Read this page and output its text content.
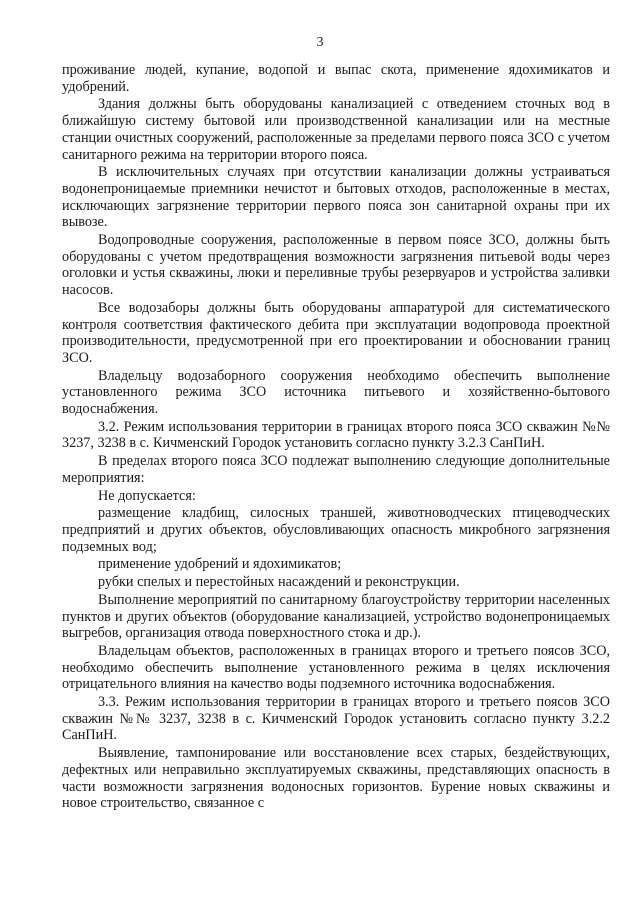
3

проживание людей, купание, водопой и выпас скота, применение ядохимикатов и удобрений.

Здания должны быть оборудованы канализацией с отведением сточных вод в ближайшую систему бытовой или производственной канализации или на местные станции очистных сооружений, расположенные за пределами первого пояса ЗСО с учетом санитарного режима на территории второго пояса.

В исключительных случаях при отсутствии канализации должны устраиваться водонепроницаемые приемники нечистот и бытовых отходов, расположенные в местах, исключающих загрязнение территории первого пояса зон санитарной охраны при их вывозе.

Водопроводные сооружения, расположенные в первом поясе ЗСО, должны быть оборудованы с учетом предотвращения возможности загрязнения питьевой воды через оголовки и устья скважины, люки и переливные трубы резервуаров и устройства заливки насосов.

Все водозаборы должны быть оборудованы аппаратурой для систематического контроля соответствия фактического дебита при эксплуатации водопровода проектной производительности, предусмотренной при его проектировании и обосновании границ ЗСО.

Владельцу водозаборного сооружения необходимо обеспечить выполнение установленного режима ЗСО источника питьевого и хозяйственно-бытового водоснабжения.

3.2. Режим использования территории в границах второго пояса ЗСО скважин №№ 3237, 3238 в с. Кичменский Городок установить согласно пункту 3.2.3 СанПиН.

В пределах второго пояса ЗСО подлежат выполнению следующие дополнительные мероприятия:

Не допускается:

размещение кладбищ, силосных траншей, животноводческих птицеводческих предприятий и других объектов, обусловливающих опасность микробного загрязнения подземных вод;

применение удобрений и ядохимикатов;

рубки спелых и перестойных насаждений и реконструкции.

Выполнение мероприятий по санитарному благоустройству территории населенных пунктов и других объектов (оборудование канализацией, устройство водонепроницаемых выгребов, организация отвода поверхностного стока и др.).

Владельцам объектов, расположенных в границах второго и третьего поясов ЗСО, необходимо обеспечить выполнение установленного режима в целях исключения отрицательного влияния на качество воды подземного источника водоснабжения.

3.3. Режим использования территории в границах второго и третьего поясов ЗСО скважин №№ 3237, 3238 в с. Кичменский Городок установить согласно пункту 3.2.2 СанПиН.

Выявление, тампонирование или восстановление всех старых, бездействующих, дефектных или неправильно эксплуатируемых скважины, представляющих опасность в части возможности загрязнения водоносных горизонтов. Бурение новых скважины и новое строительство, связанное с
